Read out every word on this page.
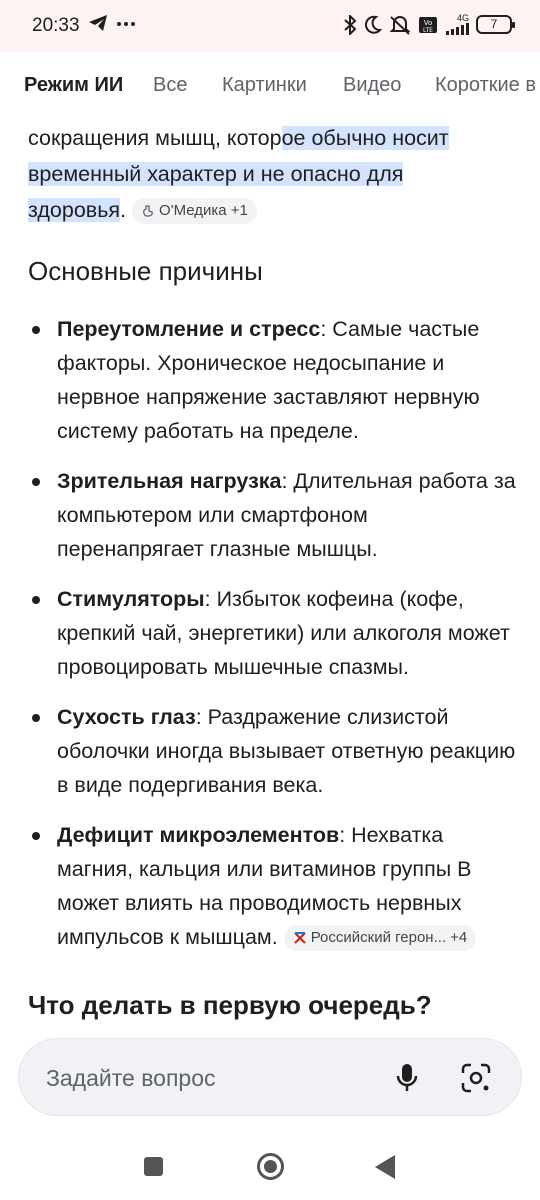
20:33	Vo
LTE
4G	7
Режим ИИ Все Картинки Видео Короткие в

сокращения мышц, которое обычно носит
временный характер и не опасно для
здоровья. О'Медика +1

Основные причины
Переутомление и стресс: Самые частые факторы. Хроническое недосыпание и нервное напряжение заставляют нервную систему работать на пределе.
Зрительная нагрузка: Длительная работа за компьютером или смартфоном перенапрягает глазные мышцы.
Стимуляторы: Избыток кофеина (кофе, крепкий чай, энергетики) или алкоголя может провоцировать мышечные спазмы.
Сухость глаз: Раздражение слизистой оболочки иногда вызывает ответную реакцию в виде подергивания века.
Дефицит микроэлементов: Нехватка магния, кальция или витаминов группы В может влиять на проводимость нервных импульсов к мышцам. Российский герон... +4
Что делать в первую очередь?
Задайте вопрос
